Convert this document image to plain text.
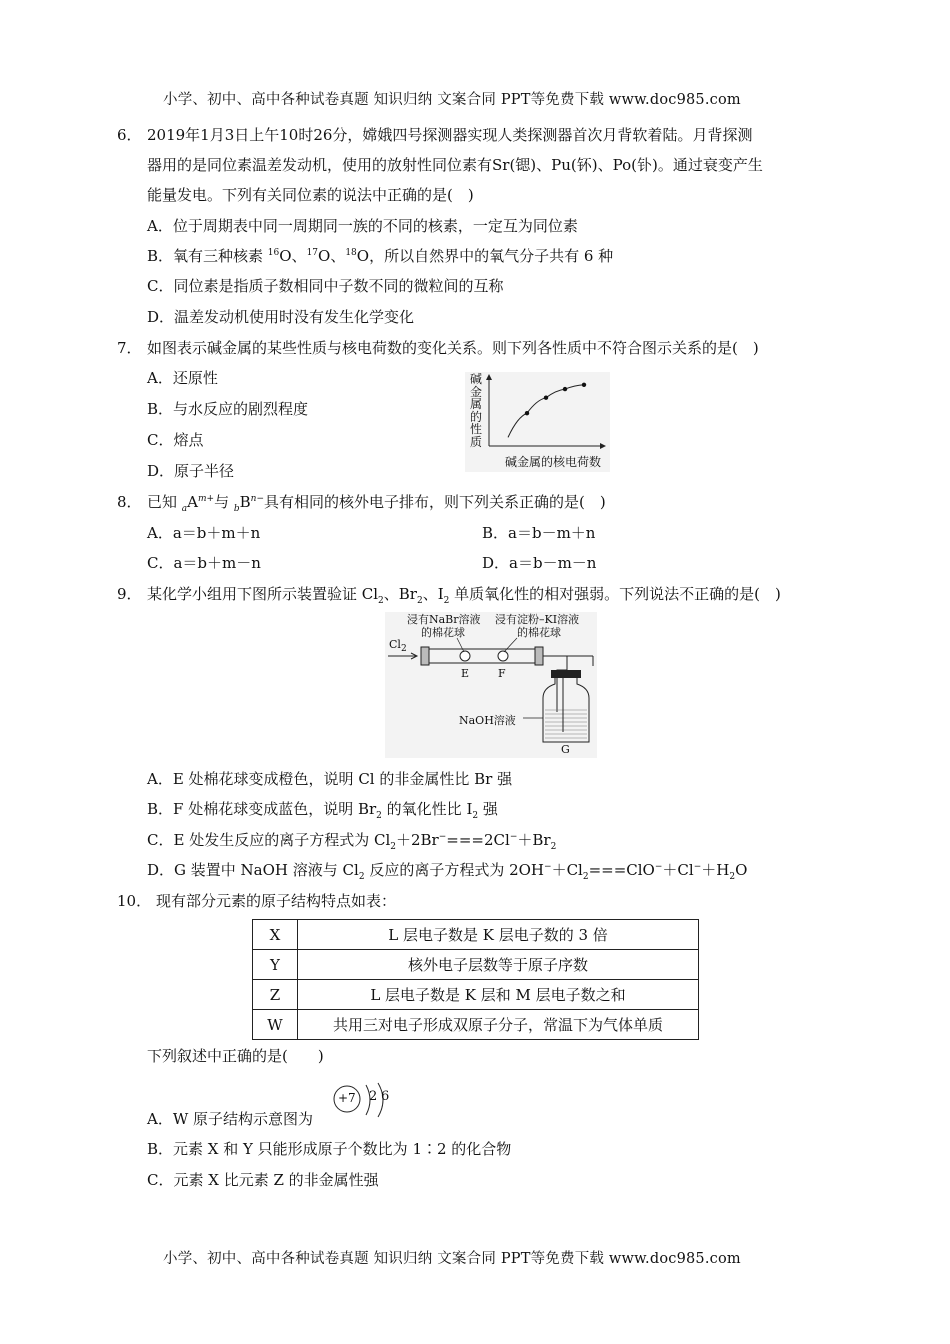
小学、初中、高中各种试卷真题 知识归纳 文案合同 PPT等免费下载 www.doc985.com
6． 2019年1月3日上午10时26分，嫦娥四号探测器实现人类探测器首次月背软着陆。月背探测
器用的是同位素温差发动机，使用的放射性同位素有Sr(锶)、Pu(钚)、Po(钋)。通过衰变产生
能量发电。下列有关同位素的说法中正确的是(　)
A．位于周期表中同一周期同一族的不同的核素，一定互为同位素
B．氧有三种核素 $^{16}$O、$^{17}$O、$^{18}$O，所以自然界中的氧气分子共有 6 种
C．同位素是指质子数相同中子数不同的微粒间的互称
D．温差发动机使用时没有发生化学变化
7． 如图表示碱金属的某些性质与核电荷数的变化关系。则下列各性质中不符合图示关系的是(　)
A．还原性
B．与水反应的剧烈程度
C．熔点
D．原子半径
碱
金
属
的
性
质
碱金属的核电荷数
8． 已知 $_aA^{m+}$与 $_bB^{n-}$具有相同的核外电子排布，则下列关系正确的是(　)
A．a＝b＋m＋n	B．a＝b－m＋n
C．a＝b＋m－n	D．a＝b－m－n
9． 某化学小组用下图所示装置验证 $Cl_2$、$Br_2$、$I_2$ 单质氧化性的相对强弱。下列说法不正确的是(　)
浸有NaBr溶液
的棉花球
浸有淀粉–KI溶液
的棉花球
$Cl_2$
E	F
NaOH溶液
G
A．E 处棉花球变成橙色，说明 Cl 的非金属性比 Br 强
B．F 处棉花球变成蓝色，说明 $Br_2$ 的氧化性比 $I_2$ 强
C．E 处发生反应的离子方程式为 $Cl_2+2Br^-===2Cl^-+Br_2$
D．G 装置中 NaOH 溶液与 $Cl_2$ 反应的离子方程式为 $2OH^-+Cl_2===ClO^-+Cl^-+H_2O$
10． 现有部分元素的原子结构特点如表：
X	L 层电子数是 K 层电子数的 3 倍
Y	核外电子层数等于原子序数
Z	L 层电子数是 K 层和 M 层电子数之和
W	共用三对电子形成双原子分子，常温下为气体单质
下列叙述中正确的是(　　)
A．W 原子结构示意图为
+7 2 6
B．元素 X 和 Y 只能形成原子个数比为 1∶2 的化合物
C．元素 X 比元素 Z 的非金属性强
小学、初中、高中各种试卷真题 知识归纳 文案合同 PPT等免费下载 www.doc985.com
